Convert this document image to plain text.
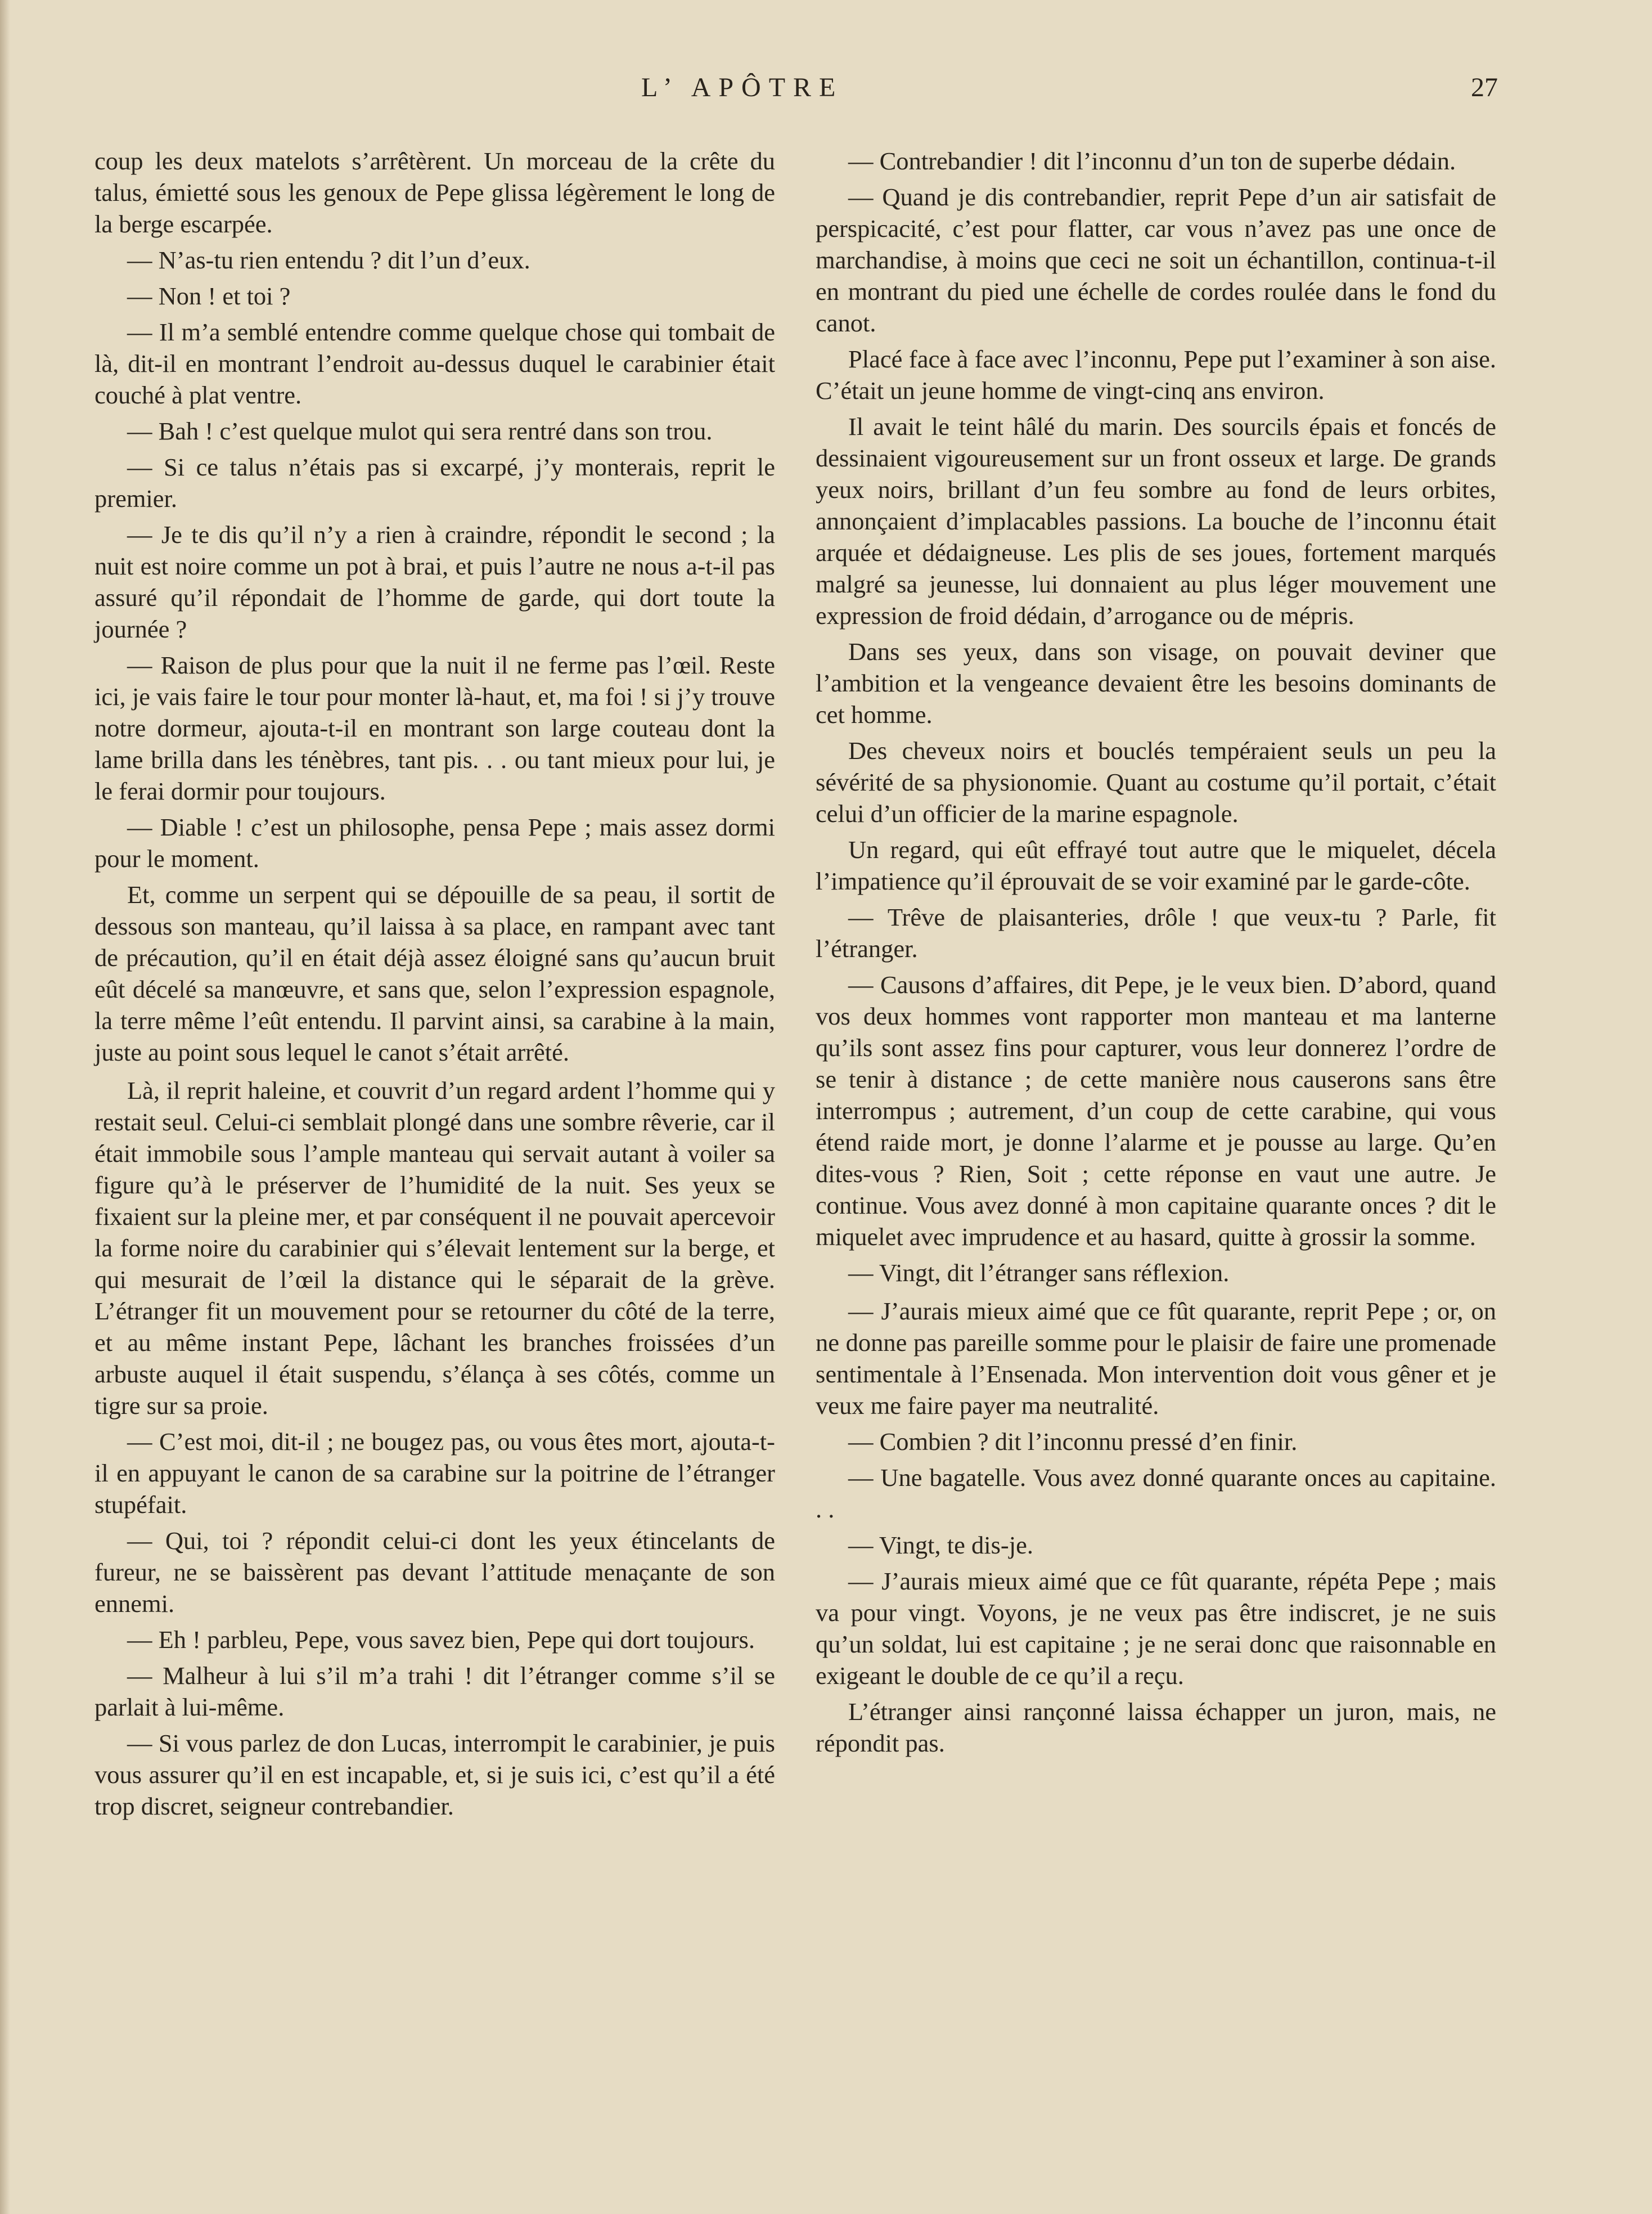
L’ APÔTRE	27

coup les deux matelots s’arrêtèrent. Un morceau de la crête du talus, émietté sous les genoux de Pepe glissa légèrement le long de la berge escarpée.

— N’as-tu rien entendu ? dit l’un d’eux.

— Non ! et toi ?

— Il m’a semblé entendre comme quelque chose qui tombait de là, dit-il en montrant l’endroit au-dessus duquel le carabinier était couché à plat ventre.

— Bah ! c’est quelque mulot qui sera rentré dans son trou.

— Si ce talus n’étais pas si excarpé, j’y monterais, reprit le premier.

— Je te dis qu’il n’y a rien à craindre, répondit le second ; la nuit est noire comme un pot à brai, et puis l’autre ne nous a-t-il pas assuré qu’il répondait de l’homme de garde, qui dort toute la journée ?

— Raison de plus pour que la nuit il ne ferme pas l’œil. Reste ici, je vais faire le tour pour monter là-haut, et, ma foi ! si j’y trouve notre dormeur, ajouta-t-il en montrant son large couteau dont la lame brilla dans les ténèbres, tant pis. . . ou tant mieux pour lui, je le ferai dormir pour toujours.

— Diable ! c’est un philosophe, pensa Pepe ; mais assez dormi pour le moment.

Et, comme un serpent qui se dépouille de sa peau, il sortit de dessous son manteau, qu’il laissa à sa place, en rampant avec tant de précaution, qu’il en était déjà assez éloigné sans qu’aucun bruit eût décelé sa manœuvre, et sans que, selon l’expression espagnole, la terre même l’eût entendu. Il parvint ainsi, sa carabine à la main, juste au point sous lequel le canot s’était arrêté.

Là, il reprit haleine, et couvrit d’un regard ardent l’homme qui y restait seul. Celui-ci semblait plongé dans une sombre rêverie, car il était immobile sous l’ample manteau qui servait autant à voiler sa figure qu’à le préserver de l’humidité de la nuit. Ses yeux se fixaient sur la pleine mer, et par conséquent il ne pouvait apercevoir la forme noire du carabinier qui s’élevait lentement sur la berge, et qui mesurait de l’œil la distance qui le séparait de la grève. L’étranger fit un mouvement pour se retourner du côté de la terre, et au même instant Pepe, lâchant les branches froissées d’un arbuste auquel il était suspendu, s’élança à ses côtés, comme un tigre sur sa proie.

— C’est moi, dit-il ; ne bougez pas, ou vous êtes mort, ajouta-t-il en appuyant le canon de sa carabine sur la poitrine de l’étranger stupéfait.

— Qui, toi ? répondit celui-ci dont les yeux étincelants de fureur, ne se baissèrent pas devant l’attitude menaçante de son ennemi.

— Eh ! parbleu, Pepe, vous savez bien, Pepe qui dort toujours.

— Malheur à lui s’il m’a trahi ! dit l’étranger comme s’il se parlait à lui-même.

— Si vous parlez de don Lucas, interrompit le carabinier, je puis vous assurer qu’il en est incapable, et, si je suis ici, c’est qu’il a été trop discret, seigneur contrebandier.

— Contrebandier ! dit l’inconnu d’un ton de superbe dédain.

— Quand je dis contrebandier, reprit Pepe d’un air satisfait de perspicacité, c’est pour flatter, car vous n’avez pas une once de marchandise, à moins que ceci ne soit un échantillon, continua-t-il en montrant du pied une échelle de cordes roulée dans le fond du canot.

Placé face à face avec l’inconnu, Pepe put l’examiner à son aise. C’était un jeune homme de vingt-cinq ans environ.

Il avait le teint hâlé du marin. Des sourcils épais et foncés de dessinaient vigoureusement sur un front osseux et large. De grands yeux noirs, brillant d’un feu sombre au fond de leurs orbites, annonçaient d’implacables passions. La bouche de l’inconnu était arquée et dédaigneuse. Les plis de ses joues, fortement marqués malgré sa jeunesse, lui donnaient au plus léger mouvement une expression de froid dédain, d’arrogance ou de mépris.

Dans ses yeux, dans son visage, on pouvait deviner que l’ambition et la vengeance devaient être les besoins dominants de cet homme.

Des cheveux noirs et bouclés tempéraient seuls un peu la sévérité de sa physionomie. Quant au costume qu’il portait, c’était celui d’un officier de la marine espagnole.

Un regard, qui eût effrayé tout autre que le miquelet, décela l’impatience qu’il éprouvait de se voir examiné par le garde-côte.

— Trêve de plaisanteries, drôle ! que veux-tu ? Parle, fit l’étranger.

— Causons d’affaires, dit Pepe, je le veux bien. D’abord, quand vos deux hommes vont rapporter mon manteau et ma lanterne qu’ils sont assez fins pour capturer, vous leur donnerez l’ordre de se tenir à distance ; de cette manière nous causerons sans être interrompus ; autrement, d’un coup de cette carabine, qui vous étend raide mort, je donne l’alarme et je pousse au large. Qu’en dites-vous ? Rien, Soit ; cette réponse en vaut une autre. Je continue. Vous avez donné à mon capitaine quarante onces ? dit le miquelet avec imprudence et au hasard, quitte à grossir la somme.

— Vingt, dit l’étranger sans réflexion.

— J’aurais mieux aimé que ce fût quarante, reprit Pepe ; or, on ne donne pas pareille somme pour le plaisir de faire une promenade sentimentale à l’Ensenada. Mon intervention doit vous gêner et je veux me faire payer ma neutralité.

— Combien ? dit l’inconnu pressé d’en finir.

— Une bagatelle. Vous avez donné quarante onces au capitaine. . .

— Vingt, te dis-je.

— J’aurais mieux aimé que ce fût quarante, répéta Pepe ; mais va pour vingt. Voyons, je ne veux pas être indiscret, je ne suis qu’un soldat, lui est capitaine ; je ne serai donc que raisonnable en exigeant le double de ce qu’il a reçu.

L’étranger ainsi rançonné laissa échapper un juron, mais, ne répondit pas.
